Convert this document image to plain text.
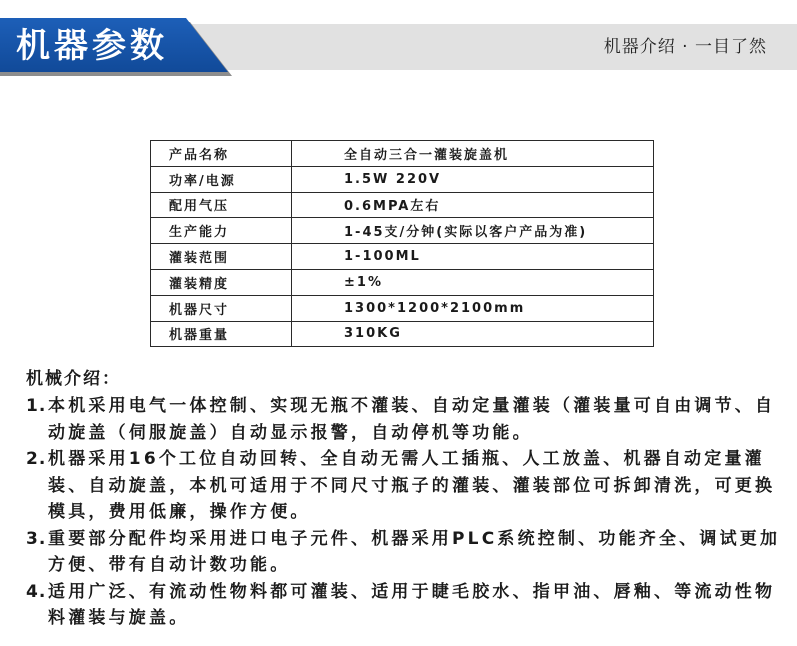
机器参数	机器介绍 · 一目了然
产品名称	全自动三合一灌装旋盖机
功率/电源	1.5W 220V
配用气压	0.6MPA左右
生产能力	1-45支/分钟(实际以客户产品为准)
灌装范围	1-100ML
灌装精度	±1%
机器尺寸	1300*1200*2100mm
机器重量	310KG
机械介绍：
1. 本机采用电气一体控制、实现无瓶不灌装、自动定量灌装（灌装量可自由调节、自动旋盖（伺服旋盖）自动显示报警，自动停机等功能。
2. 机器采用16个工位自动回转、全自动无需人工插瓶、人工放盖、机器自动定量灌装、自动旋盖，本机可适用于不同尺寸瓶子的灌装、灌装部位可拆卸清洗，可更换模具，费用低廉，操作方便。
3. 重要部分配件均采用进口电子元件、机器采用PLC系统控制、功能齐全、调试更加方便、带有自动计数功能。
4. 适用广泛、有流动性物料都可灌装、适用于睫毛胶水、指甲油、唇釉、等流动性物料灌装与旋盖。
